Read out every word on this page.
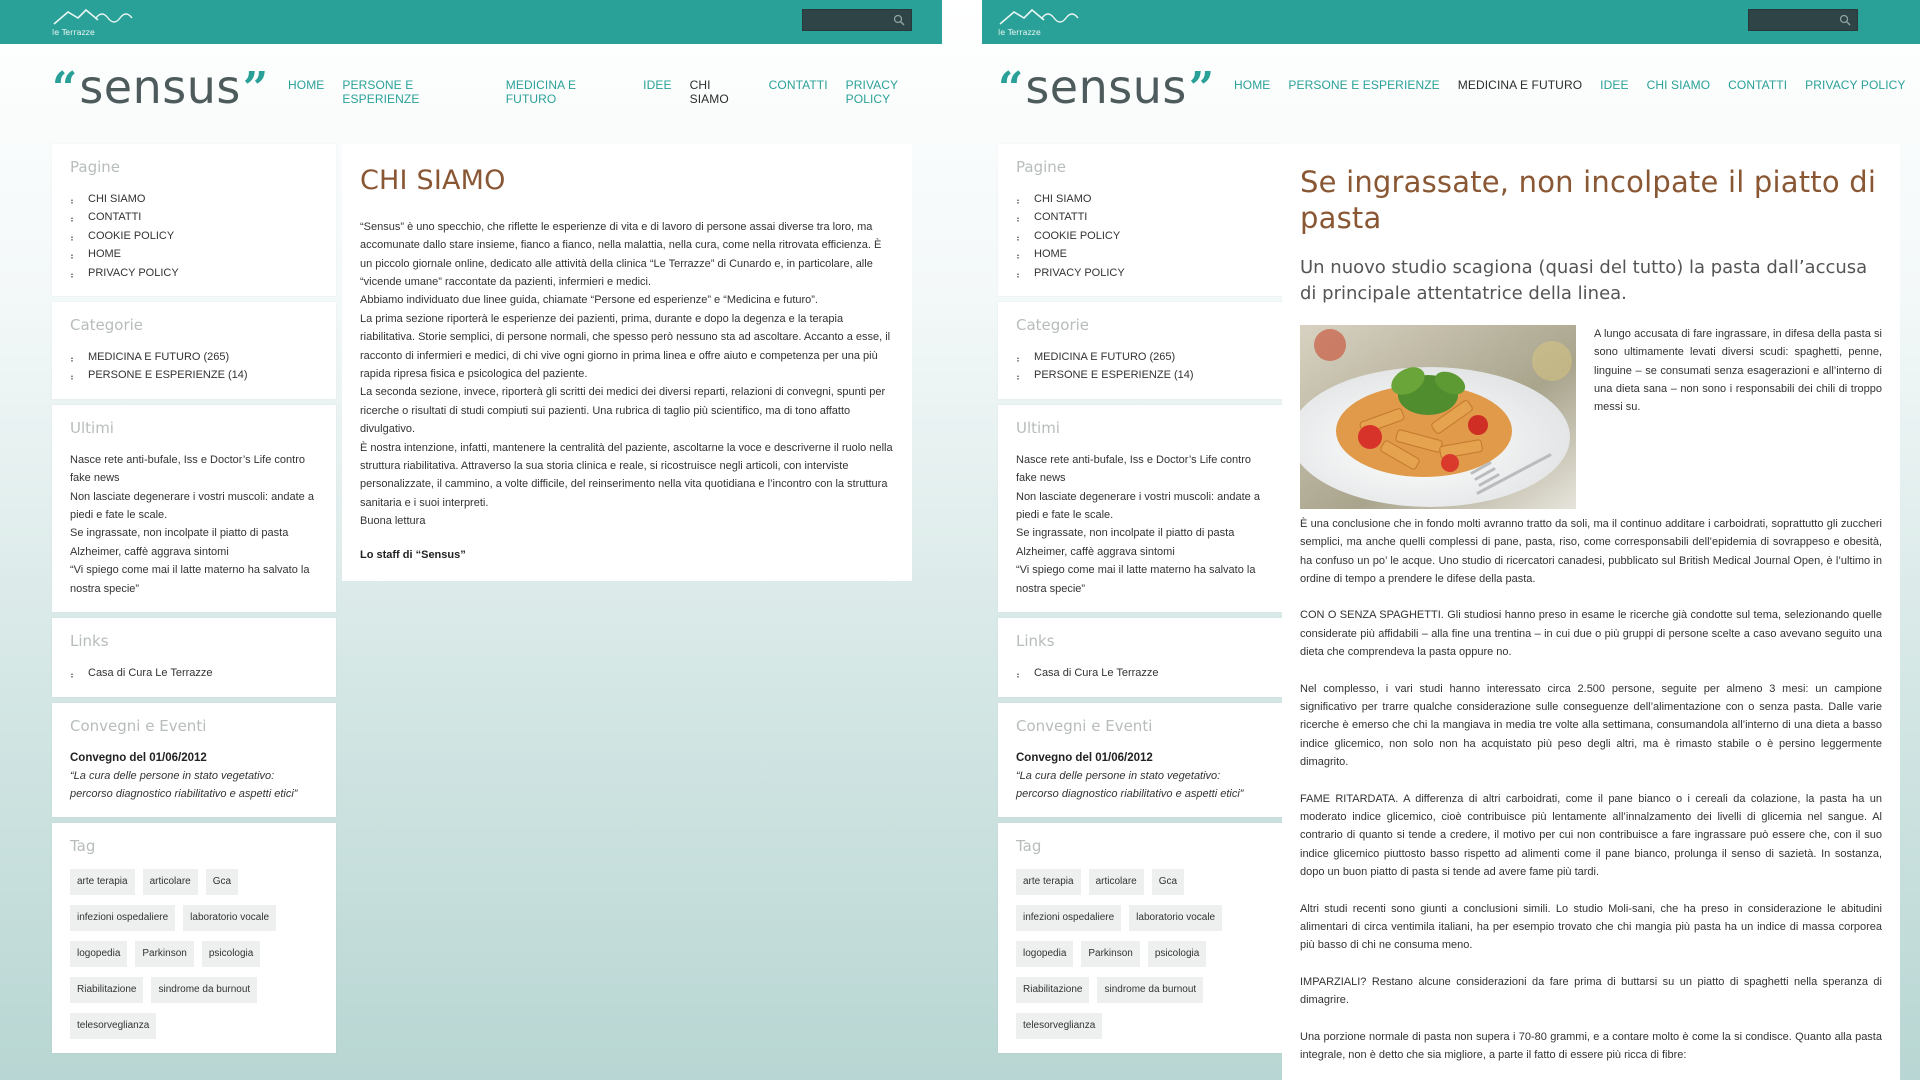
le Terrazze
“ sensus ” HOME PERSONE E ESPERIENZE
MEDICINA E FUTURO
IDEE CHI SIAMO
CONTATTI PRIVACY POLICY
Pagine
⠆ CHI SIAMO
⠆ CONTATTI
⠆ COOKIE POLICY
⠆ HOME
⠆ PRIVACY POLICY
Categorie
⠆ MEDICINA E FUTURO (265)
⠆ PERSONE E ESPERIENZE (14)
Ultimi
Nasce rete anti-bufale, Iss e Doctor’s Life contro fake news
Non lasciate degenerare i vostri muscoli: andate a piedi e fate le scale.
Se ingrassate, non incolpate il piatto di pasta
Alzheimer, caffè aggrava sintomi
“Vi spiego come mai il latte materno ha salvato la nostra specie”
Links
⠆ Casa di Cura Le Terrazze
Convegni e Eventi
Convegno del 01/06/2012
“La cura delle persone in stato vegetativo: percorso diagnostico riabilitativo e aspetti etici”
Tag
arte terapia	articolare	Gca
infezioni ospedaliere	laboratorio vocale
logopedia	Parkinson	psicologia
Riabilitazione	sindrome da burnout
telesorveglianza
CHI SIAMO

“Sensus” è uno specchio, che riflette le esperienze di vita e di lavoro di persone assai diverse tra loro, ma accomunate dallo stare insieme, fianco a fianco, nella malattia, nella cura, come nella ritrovata efficienza. È un piccolo giornale online, dedicato alle attività della clinica “Le Terrazze” di Cunardo e, in particolare, alle “vicende umane” raccontate da pazienti, infermieri e medici.

Abbiamo individuato due linee guida, chiamate “Persone ed esperienze” e “Medicina e futuro”.

La prima sezione riporterà le esperienze dei pazienti, prima, durante e dopo la degenza e la terapia riabilitativa. Storie semplici, di persone normali, che spesso però nessuno sta ad ascoltare. Accanto a esse, il racconto di infermieri e medici, di chi vive ogni giorno in prima linea e offre aiuto e competenza per una più rapida ripresa fisica e psicologica del paziente.

La seconda sezione, invece, riporterà gli scritti dei medici dei diversi reparti, relazioni di convegni, spunti per ricerche o risultati di studi compiuti sui pazienti. Una rubrica di taglio più scientifico, ma di tono affatto divulgativo.

È nostra intenzione, infatti, mantenere la centralità del paziente, ascoltarne la voce e descriverne il ruolo nella struttura riabilitativa. Attraverso la sua storia clinica e reale, si ricostruisce negli articoli, con interviste personalizzate, il cammino, a volte difficile, del reinserimento nella vita quotidiana e l’incontro con la struttura sanitaria e i suoi interpreti.

Buona lettura

Lo staff di “Sensus”

le Terrazze
“ sensus ” HOME PERSONE E ESPERIENZE MEDICINA E FUTURO IDEE CHI SIAMO CONTATTI PRIVACY POLICY
Pagine
⠆ CHI SIAMO
⠆ CONTATTI
⠆ COOKIE POLICY
⠆ HOME
⠆ PRIVACY POLICY
Categorie
⠆ MEDICINA E FUTURO (265)
⠆ PERSONE E ESPERIENZE (14)
Ultimi
Nasce rete anti-bufale, Iss e Doctor’s Life contro fake news
Non lasciate degenerare i vostri muscoli: andate a piedi e fate le scale.
Se ingrassate, non incolpate il piatto di pasta
Alzheimer, caffè aggrava sintomi
“Vi spiego come mai il latte materno ha salvato la nostra specie”
Links
⠆ Casa di Cura Le Terrazze
Convegni e Eventi
Convegno del 01/06/2012
“La cura delle persone in stato vegetativo: percorso diagnostico riabilitativo e aspetti etici”
Tag
arte terapia	articolare	Gca
infezioni ospedaliere	laboratorio vocale
logopedia	Parkinson	psicologia
Riabilitazione	sindrome da burnout
telesorveglianza
Se ingrassate, non incolpate il piatto di pasta
Un nuovo studio scagiona (quasi del tutto) la pasta dall’accusa di principale attentatrice della linea.

A lungo accusata di fare ingrassare, in difesa della pasta si sono ultimamente levati diversi scudi: spaghetti, penne, linguine – se consumati senza esagerazioni e all’interno di una dieta sana – non sono i responsabili dei chili di troppo messi su.

È una conclusione che in fondo molti avranno tratto da soli, ma il continuo additare i carboidrati, soprattutto gli zuccheri semplici, ma anche quelli complessi di pane, pasta, riso, come corresponsabili dell’epidemia di sovrappeso e obesità, ha confuso un po’ le acque. Uno studio di ricercatori canadesi, pubblicato sul British Medical Journal Open, è l’ultimo in ordine di tempo a prendere le difese della pasta.

CON O SENZA SPAGHETTI. Gli studiosi hanno preso in esame le ricerche già condotte sul tema, selezionando quelle considerate più affidabili – alla fine una trentina – in cui due o più gruppi di persone scelte a caso avevano seguito una dieta che comprendeva la pasta oppure no.

Nel complesso, i vari studi hanno interessato circa 2.500 persone, seguite per almeno 3 mesi: un campione significativo per trarre qualche considerazione sulle conseguenze dell’alimentazione con o senza pasta. Dalle varie ricerche è emerso che chi la mangiava in media tre volte alla settimana, consumandola all’interno di una dieta a basso indice glicemico, non solo non ha acquistato più peso degli altri, ma è rimasto stabile o è persino leggermente dimagrito.

FAME RITARDATA. A differenza di altri carboidrati, come il pane bianco o i cereali da colazione, la pasta ha un moderato indice glicemico, cioè contribuisce più lentamente all’innalzamento dei livelli di glicemia nel sangue. Al contrario di quanto si tende a credere, il motivo per cui non contribuisce a fare ingrassare può essere che, con il suo indice glicemico piuttosto basso rispetto ad alimenti come il pane bianco, prolunga il senso di sazietà. In sostanza, dopo un buon piatto di pasta si tende ad avere fame più tardi.

Altri studi recenti sono giunti a conclusioni simili. Lo studio Moli-sani, che ha preso in considerazione le abitudini alimentari di circa ventimila italiani, ha per esempio trovato che chi mangia più pasta ha un indice di massa corporea più basso di chi ne consuma meno.

IMPARZIALI? Restano alcune considerazioni da fare prima di buttarsi su un piatto di spaghetti nella speranza di dimagrire.

Una porzione normale di pasta non supera i 70-80 grammi, e a contare molto è come la si condisce. Quanto alla pasta integrale, non è detto che sia migliore, a parte il fatto di essere più ricca di fibre:
